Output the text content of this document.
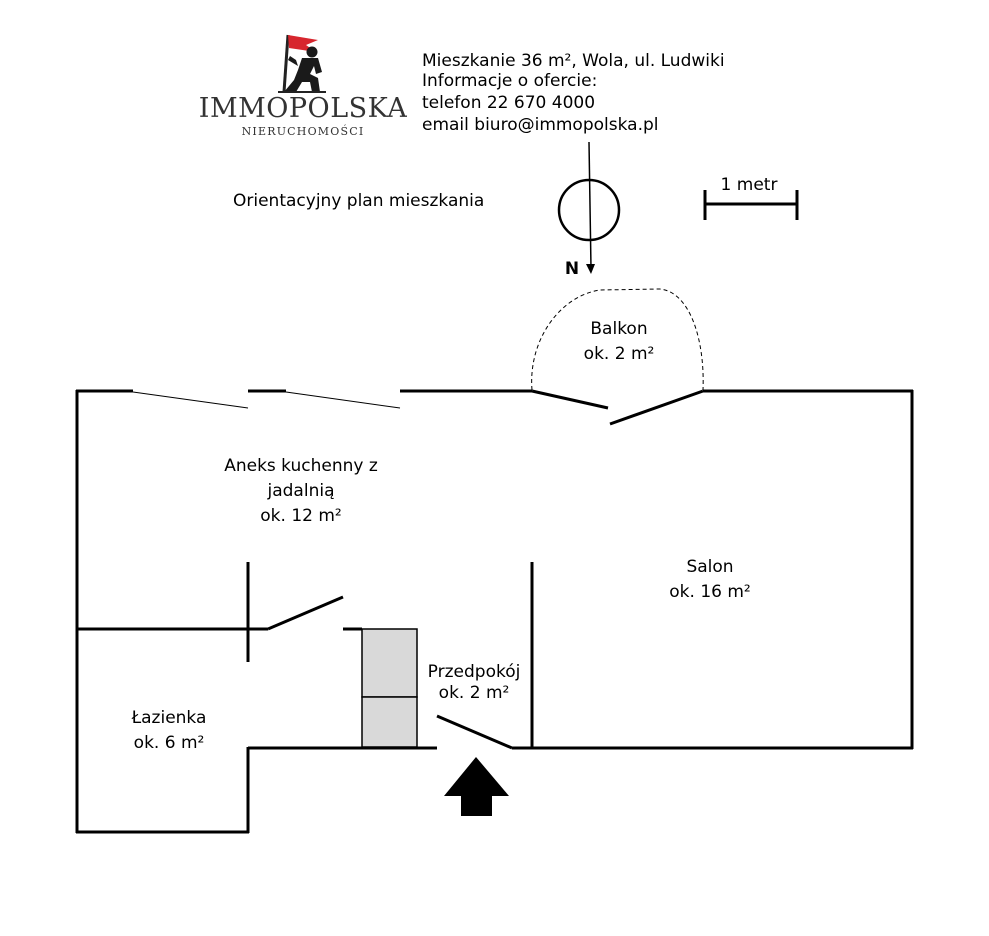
IMMOPOLSKA
NIERUCHOMOŚCI
Mieszkanie 36 m², Wola, ul. Ludwiki
Informacje o ofercie:
telefon 22 670 4000
email biuro@immopolska.pl
Orientacyjny plan mieszkania
N
1 metr
Balkon
ok. 2 m²
Aneks kuchenny z
jadalnią
ok. 12 m²
Salon
ok. 16 m²
Przedpokój
ok. 2 m²
Łazienka
ok. 6 m²
